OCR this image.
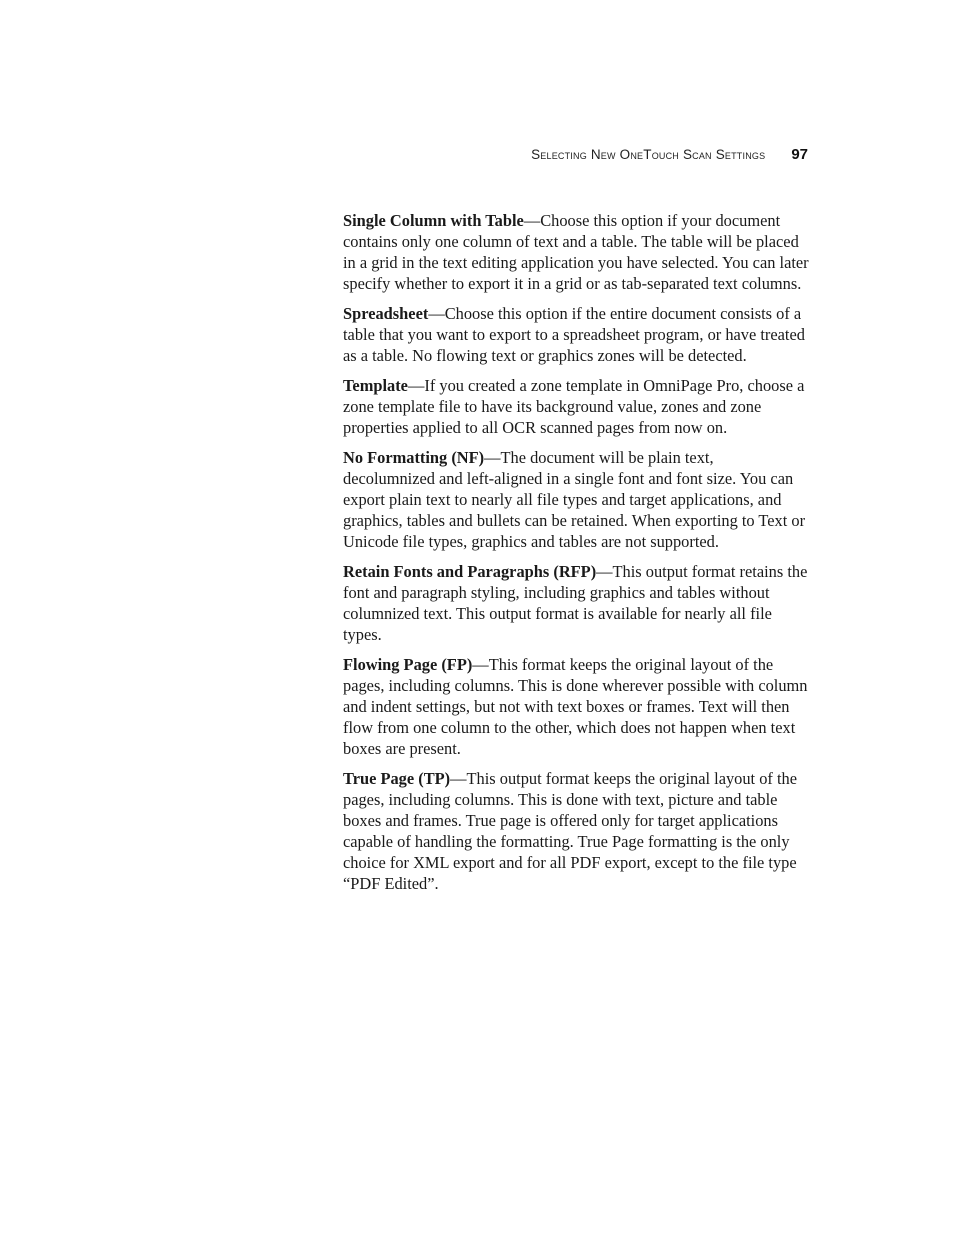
Selecting New OneTouch Scan Settings 97

Single Column with Table—Choose this option if your document contains only one column of text and a table. The table will be placed in a grid in the text editing application you have selected. You can later specify whether to export it in a grid or as tab-separated text columns.

Spreadsheet—Choose this option if the entire document consists of a table that you want to export to a spreadsheet program, or have treated as a table. No flowing text or graphics zones will be detected.

Template—If you created a zone template in OmniPage Pro, choose a zone template file to have its background value, zones and zone properties applied to all OCR scanned pages from now on.

No Formatting (NF)—The document will be plain text, decolumnized and left-aligned in a single font and font size. You can export plain text to nearly all file types and target applications, and graphics, tables and bullets can be retained. When exporting to Text or Unicode file types, graphics and tables are not supported.

Retain Fonts and Paragraphs (RFP)—This output format retains the font and paragraph styling, including graphics and tables without columnized text. This output format is available for nearly all file types.

Flowing Page (FP)—This format keeps the original layout of the pages, including columns. This is done wherever possible with column and indent settings, but not with text boxes or frames. Text will then flow from one column to the other, which does not happen when text boxes are present.

True Page (TP)—This output format keeps the original layout of the pages, including columns. This is done with text, picture and table boxes and frames. True page is offered only for target applications capable of handling the formatting. True Page formatting is the only choice for XML export and for all PDF export, except to the file type “PDF Edited”.
